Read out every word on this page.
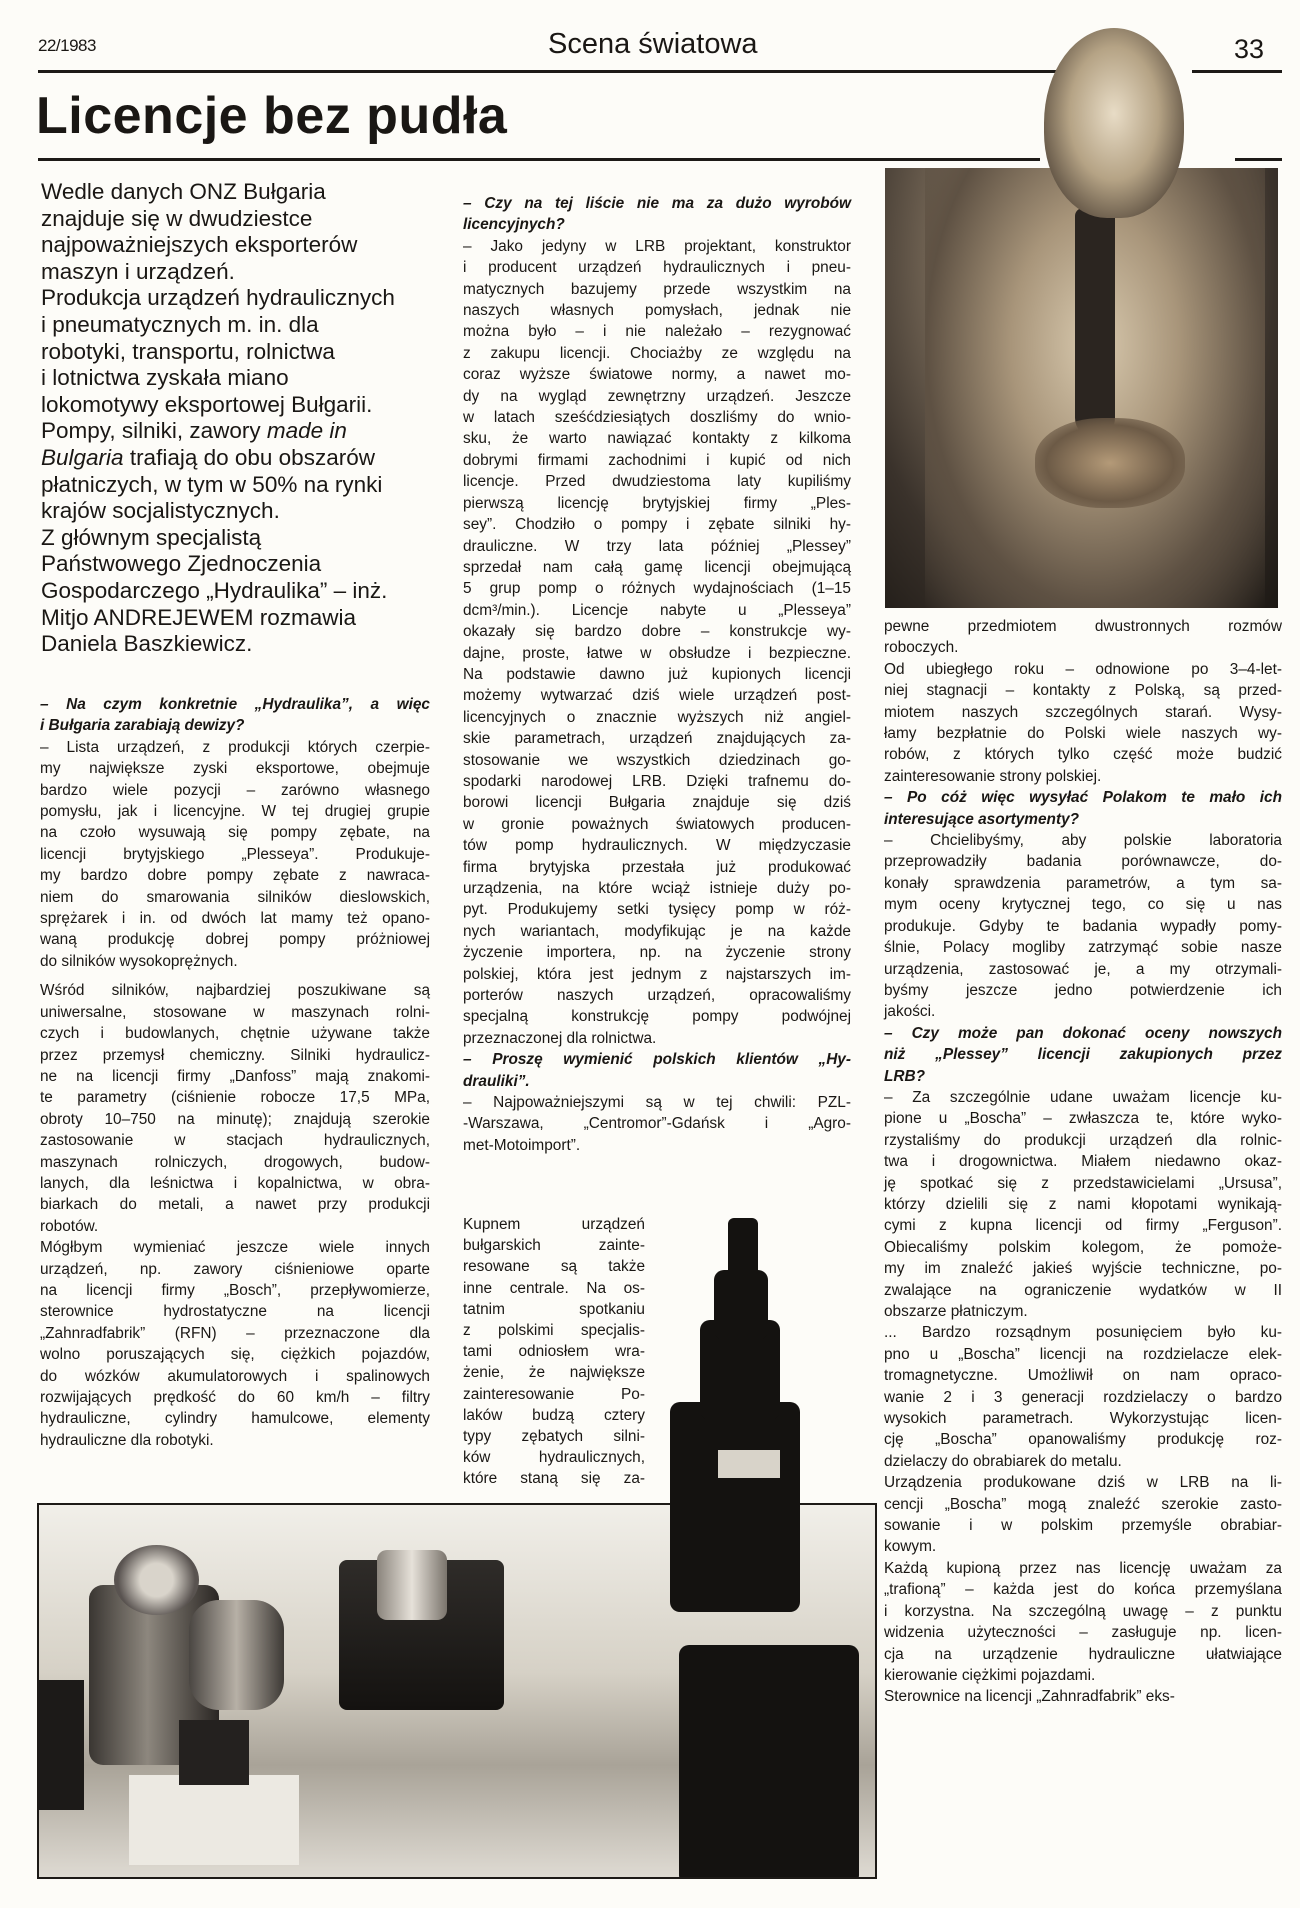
22/1983	Scena światowa	33
Licencje bez pudła
Wedle danych ONZ Bułgaria
znajduje się w dwudziestce
najpoważniejszych eksporterów
maszyn i urządzeń.
Produkcja urządzeń hydraulicznych
i pneumatycznych m. in. dla
robotyki, transportu, rolnictwa
i lotnictwa zyskała miano
lokomotywy eksportowej Bułgarii.
Pompy, silniki, zawory made in
Bulgaria trafiają do obu obszarów
płatniczych, w tym w 50% na rynki
krajów socjalistycznych.
Z głównym specjalistą
Państwowego Zjednoczenia
Gospodarczego „Hydraulika” – inż.
Mitjo ANDREJEWEM rozmawia
Daniela Baszkiewicz.
– Na czym konkretnie „Hydraulika”, a więc
i Bułgaria zarabiają dewizy?
– Lista urządzeń, z produkcji których czerpie-
my największe zyski eksportowe, obejmuje
bardzo wiele pozycji – zarówno własnego
pomysłu, jak i licencyjne. W tej drugiej grupie
na czoło wysuwają się pompy zębate, na
licencji brytyjskiego „Plesseya”. Produkuje-
my bardzo dobre pompy zębate z nawraca-
niem do smarowania silników dieslowskich,
sprężarek i in. od dwóch lat mamy też opano-
waną produkcję dobrej pompy próżniowej
do silników wysokoprężnych.
Wśród silników, najbardziej poszukiwane są
uniwersalne, stosowane w maszynach rolni-
czych i budowlanych, chętnie używane także
przez przemysł chemiczny. Silniki hydraulicz-
ne na licencji firmy „Danfoss” mają znakomi-
te parametry (ciśnienie robocze 17,5 MPa,
obroty 10–750 na minutę); znajdują szerokie
zastosowanie w stacjach hydraulicznych,
maszynach rolniczych, drogowych, budow-
lanych, dla leśnictwa i kopalnictwa, w obra-
biarkach do metali, a nawet przy produkcji
robotów.
Mógłbym wymieniać jeszcze wiele innych
urządzeń, np. zawory ciśnieniowe oparte
na licencji firmy „Bosch”, przepływomierze,
sterownice hydrostatyczne na licencji
„Zahnradfabrik” (RFN) – przeznaczone dla
wolno poruszających się, ciężkich pojazdów,
do wózków akumulatorowych i spalinowych
rozwijających prędkość do 60 km/h – filtry
hydrauliczne, cylindry hamulcowe, elementy
hydrauliczne dla robotyki.
– Czy na tej liście nie ma za dużo wyrobów
licencyjnych?
– Jako jedyny w LRB projektant, konstruktor
i producent urządzeń hydraulicznych i pneu-
matycznych bazujemy przede wszystkim na
naszych własnych pomysłach, jednak nie
można było – i nie należało – rezygnować
z zakupu licencji. Chociażby ze względu na
coraz wyższe światowe normy, a nawet mo-
dy na wygląd zewnętrzny urządzeń. Jeszcze
w latach sześćdziesiątych doszliśmy do wnio-
sku, że warto nawiązać kontakty z kilkoma
dobrymi firmami zachodnimi i kupić od nich
licencje. Przed dwudziestoma laty kupiliśmy
pierwszą licencję brytyjskiej firmy „Ples-
sey”. Chodziło o pompy i zębate silniki hy-
drauliczne. W trzy lata później „Plessey”
sprzedał nam całą gamę licencji obejmującą
5 grup pomp o różnych wydajnościach (1–15
dcm³/min.). Licencje nabyte u „Plesseya”
okazały się bardzo dobre – konstrukcje wy-
dajne, proste, łatwe w obsłudze i bezpieczne.
Na podstawie dawno już kupionych licencji
możemy wytwarzać dziś wiele urządzeń post-
licencyjnych o znacznie wyższych niż angiel-
skie parametrach, urządzeń znajdujących za-
stosowanie we wszystkich dziedzinach go-
spodarki narodowej LRB. Dzięki trafnemu do-
borowi licencji Bułgaria znajduje się dziś
w gronie poważnych światowych producen-
tów pomp hydraulicznych. W międzyczasie
firma brytyjska przestała już produkować
urządzenia, na które wciąż istnieje duży po-
pyt. Produkujemy setki tysięcy pomp w róż-
nych wariantach, modyfikując je na każde
życzenie importera, np. na życzenie strony
polskiej, która jest jednym z najstarszych im-
porterów naszych urządzeń, opracowaliśmy
specjalną konstrukcję pompy podwójnej
przeznaczonej dla rolnictwa.
– Proszę wymienić polskich klientów „Hy-
drauliki”.
– Najpoważniejszymi są w tej chwili: PZL-
-Warszawa, „Centromor”-Gdańsk i „Agro-
met-Motoimport”.
Kupnem urządzeń
bułgarskich zainte-
resowane są także
inne centrale. Na os-
tatnim spotkaniu
z polskimi specjalis-
tami odniosłem wra-
żenie, że największe
zainteresowanie Po-
laków budzą cztery
typy zębatych silni-
ków hydraulicznych,
które staną się za-
pewne przedmiotem dwustronnych rozmów
roboczych.
Od ubiegłego roku – odnowione po 3–4-let-
niej stagnacji – kontakty z Polską, są przed-
miotem naszych szczególnych starań. Wysy-
łamy bezpłatnie do Polski wiele naszych wy-
robów, z których tylko część może budzić
zainteresowanie strony polskiej.
– Po cóż więc wysyłać Polakom te mało ich
interesujące asortymenty?
– Chcielibyśmy, aby polskie laboratoria
przeprowadziły badania porównawcze, do-
konały sprawdzenia parametrów, a tym sa-
mym oceny krytycznej tego, co się u nas
produkuje. Gdyby te badania wypadły pomy-
ślnie, Polacy mogliby zatrzymąć sobie nasze
urządzenia, zastosować je, a my otrzymali-
byśmy jeszcze jedno potwierdzenie ich
jakości.
– Czy może pan dokonać oceny nowszych
niż „Plessey” licencji zakupionych przez
LRB?
– Za szczególnie udane uważam licencje ku-
pione u „Boscha” – zwłaszcza te, które wyko-
rzystaliśmy do produkcji urządzeń dla rolnic-
twa i drogownictwa. Miałem niedawno okaz-
ję spotkać się z przedstawicielami „Ursusa”,
którzy dzielili się z nami kłopotami wynikają-
cymi z kupna licencji od firmy „Ferguson”.
Obiecaliśmy polskim kolegom, że pomoże-
my im znaleźć jakieś wyjście techniczne, po-
zwalające na ograniczenie wydatków w II
obszarze płatniczym.
... Bardzo rozsądnym posunięciem było ku-
pno u „Boscha” licencji na rozdzielacze elek-
tromagnetyczne. Umożliwił on nam opraco-
wanie 2 i 3 generacji rozdzielaczy o bardzo
wysokich parametrach. Wykorzystując licen-
cję „Boscha” opanowaliśmy produkcję roz-
dzielaczy do obrabiarek do metalu.
Urządzenia produkowane dziś w LRB na li-
cencji „Boscha” mogą znaleźć szerokie zasto-
sowanie i w polskim przemyśle obrabiar-
kowym.
Każdą kupioną przez nas licencję uważam za
„trafioną” – każda jest do końca przemyślana
i korzystna. Na szczególną uwagę – z punktu
widzenia użyteczności – zasługuje np. licen-
cja na urządzenie hydrauliczne ułatwiające
kierowanie ciężkimi pojazdami.
Sterownice na licencji „Zahnradfabrik” eks-
